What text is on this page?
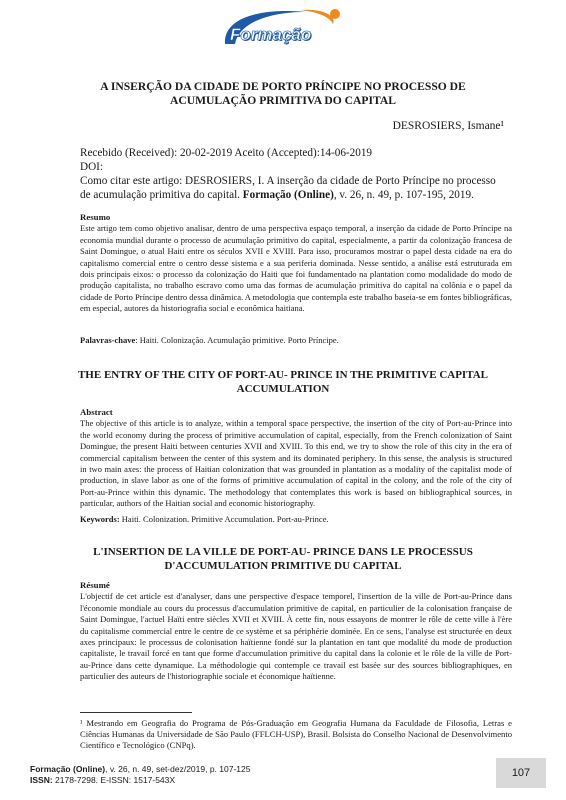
Formação
A INSERÇÃO DA CIDADE DE PORTO PRÍNCIPE NO PROCESSO DE ACUMULAÇÃO PRIMITIVA DO CAPITAL
DESROSIERS, Ismane¹
Recebido (Received): 20-02-2019 Aceito (Accepted):14-06-2019
DOI:
Como citar este artigo: DESROSIERS, I. A inserção da cidade de Porto Príncipe no processo de acumulação primitiva do capital. Formação (Online), v. 26, n. 49, p. 107-195, 2019.
Resumo

Este artigo tem como objetivo analisar, dentro de uma perspectiva espaço temporal, a inserção da cidade de Porto Príncipe na economia mundial durante o processo de acumulação primitivo do capital, especialmente, a partir da colonização francesa de Saint Domingue, o atual Haiti entre os séculos XVII e XVIII. Para isso, procuramos mostrar o papel desta cidade na era do capitalismo comercial entre o centro desse sistema e a sua periferia dominada. Nesse sentido, a análise está estruturada em dois principais eixos: o processo da colonização do Haiti que foi fundamentado na plantation como modalidade do modo de produção capitalista, no trabalho escravo como uma das formas de acumulação primitiva do capital na colônia e o papel da cidade de Porto Príncipe dentro dessa dinâmica. A metodologia que contempla este trabalho baseia-se em fontes bibliográficas, em especial, autores da historiografia social e econômica haitiana.

Palavras-chave: Haiti. Colonização. Acumulação primitive. Porto Príncipe.
THE ENTRY OF THE CITY OF PORT-AU- PRINCE IN THE PRIMITIVE CAPITAL ACCUMULATION
Abstract

The objective of this article is to analyze, within a temporal space perspective, the insertion of the city of Port-au-Prince into the world economy during the process of primitive accumulation of capital, especially, from the French colonization of Saint Domingue, the present Haiti between centuries XVII and XVIII. To this end, we try to show the role of this city in the era of commercial capitalism between the center of this system and its dominated periphery. In this sense, the analysis is structured in two main axes: the process of Haitian colonization that was grounded in plantation as a modality of the capitalist mode of production, in slave labor as one of the forms of primitive accumulation of capital in the colony, and the role of the city of Port-au-Prince within this dynamic. The methodology that contemplates this work is based on bibliographical sources, in particular, authors of the Haitian social and economic historiography.

Keywords: Haiti. Colonization. Primitive Accumulation. Port-au-Prince.
L'INSERTION DE LA VILLE DE PORT-AU- PRINCE DANS LE PROCESSUS D'ACCUMULATION PRIMITIVE DU CAPITAL
Résumé

L'objectif de cet article est d'analyser, dans une perspective d'espace temporel, l'insertion de la ville de Port-au-Prince dans l'économie mondiale au cours du processus d'accumulation primitive de capital, en particulier de la colonisation française de Saint Domingue, l'actuel Haïti entre siècles XVII et XVIII. À cette fin, nous essayons de montrer le rôle de cette ville à l'ère du capitalisme commercial entre le centre de ce système et sa périphérie dominée. En ce sens, l'analyse est structurée en deux axes principaux: le processus de colonisation haïtienne fondé sur la plantation en tant que modalité du mode de production capitaliste, le travail forcé en tant que forme d'accumulation primitive du capital dans la colonie et le rôle de la ville de Port-au-Prince dans cette dynamique. La méthodologie qui contemple ce travail est basée sur des sources bibliographiques, en particulier des auteurs de l'historiographie sociale et économique haïtienne.

¹ Mestrando em Geografia do Programa de Pós-Graduação em Geografia Humana da Faculdade de Filosofia, Letras e Ciências Humanas da Universidade de São Paulo (FFLCH-USP), Brasil. Bolsista do Conselho Nacional de Desenvolvimento Científico e Tecnológico (CNPq).
Formação (Online), v. 26, n. 49, set-dez/2019, p. 107-125
ISSN: 2178-7298. E-ISSN: 1517-543X
107
